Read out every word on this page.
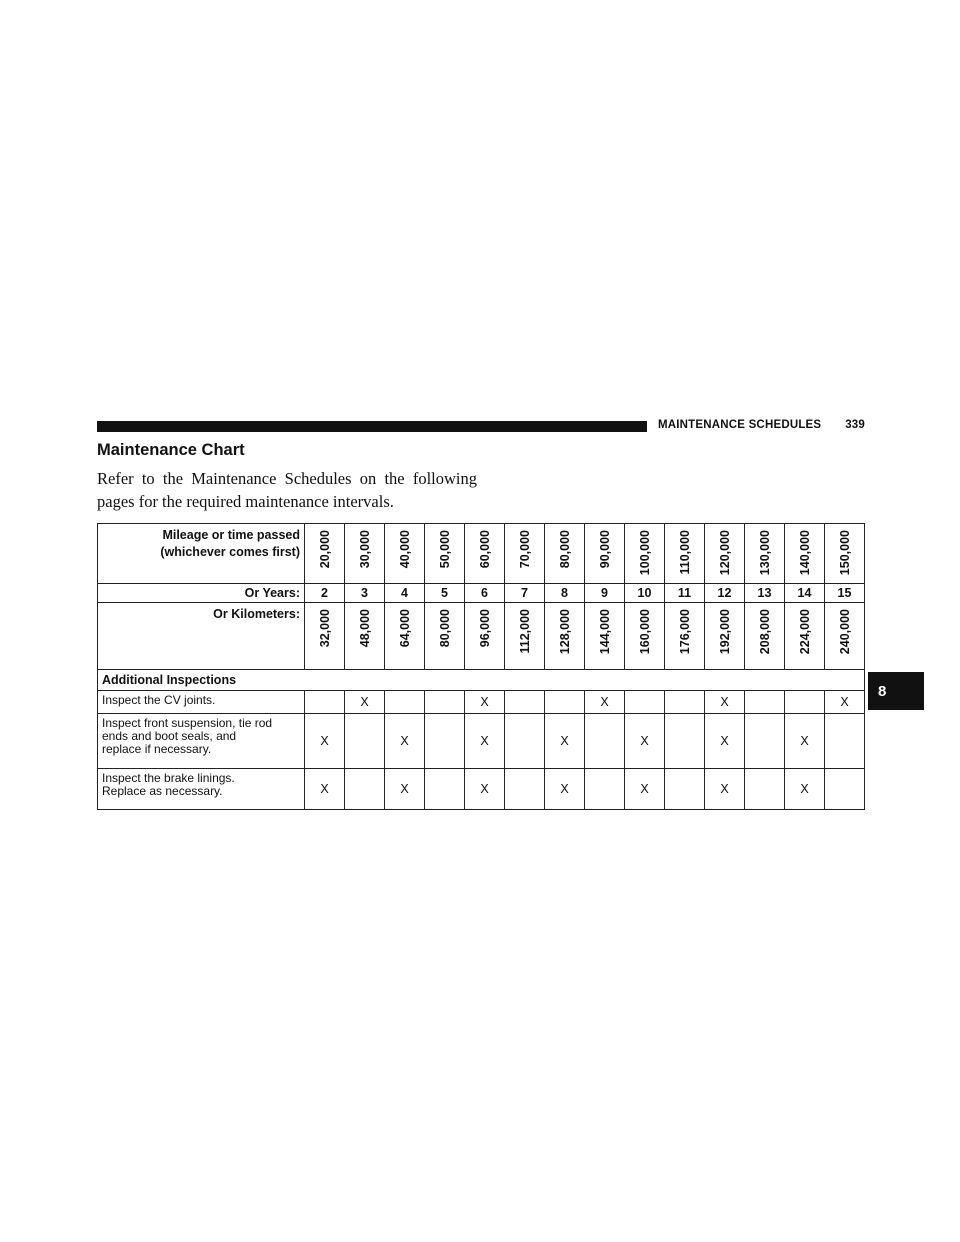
MAINTENANCE SCHEDULES 339
Maintenance Chart
Refer to the Maintenance Schedules on the following pages for the required maintenance intervals.
8
Mileage or time passed
(whichever comes first)	20,000	30,000	40,000	50,000	60,000	70,000	80,000	90,000	100,000	110,000	120,000	130,000	140,000	150,000
Or Years:	2	3	4	5	6	7	8	9	10	11	12	13	14	15
Or Kilometers:	32,000	48,000	64,000	80,000	96,000	112,000	128,000	144,000	160,000	176,000	192,000	208,000	224,000	240,000
Additional Inspections														
Inspect the CV joints.		X			X			X			X			X

Inspect front suspension, tie rod
ends and boot seals, and
replace if necessary.	X		X		X		X		X		X		X	

Inspect the brake linings.
Replace as necessary.	X		X		X		X		X		X		X	
